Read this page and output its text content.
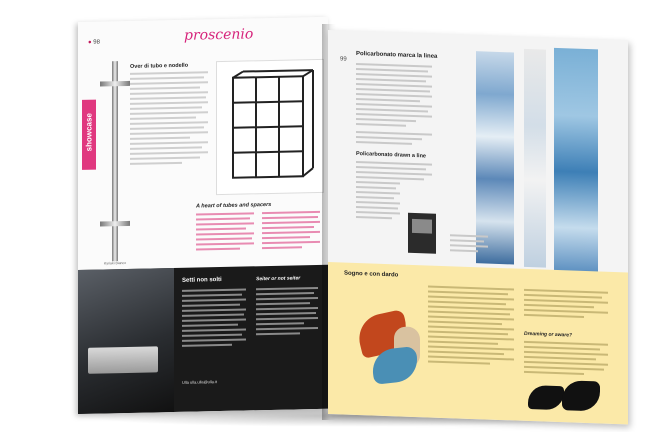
● 98	proscenio
showcase
Over di tubo e nodello
A heart of tubes and spacers
Kyriaki Bianco
Setti non solti	Seiter or not seiter
Ulla ulla.ulla@ulla.it
99 Policarbonato marca la linea
Policarbonato drawn a line
Sogno e con dardo
Dreaming or aware?
